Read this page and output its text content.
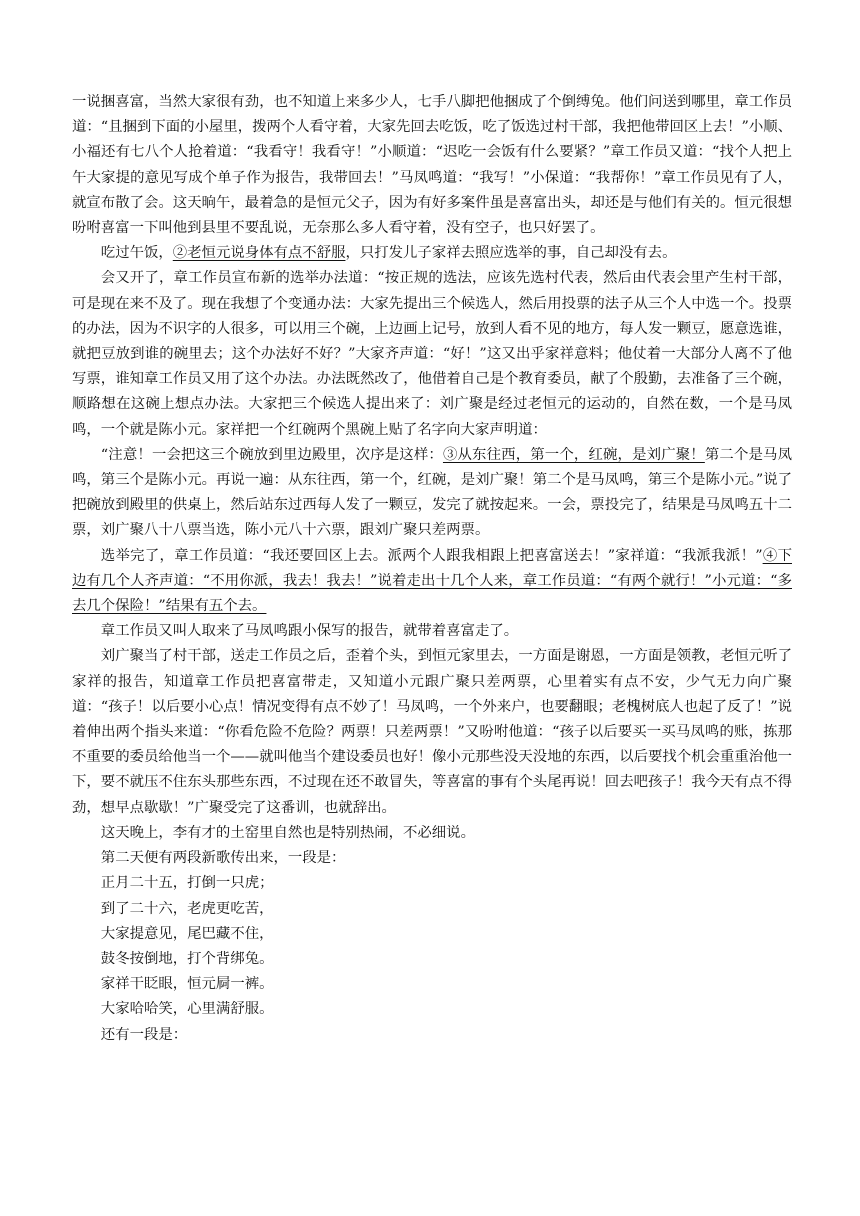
一说捆喜富，当然大家很有劲，也不知道上来多少人，七手八脚把他捆成了个倒缚兔。他们问送到哪里，章工作员道：“且捆到下面的小屋里，拨两个人看守着，大家先回去吃饭，吃了饭选过村干部，我把他带回区上去！”小顺、小福还有七八个人抢着道：“我看守！我看守！”小顺道：“迟吃一会饭有什么要紧？”章工作员又道：“找个人把上午大家提的意见写成个单子作为报告，我带回去！”马凤鸣道：“我写！”小保道：“我帮你！”章工作员见有了人，就宣布散了会。这天晌午，最着急的是恒元父子，因为有好多案件虽是喜富出头，却还是与他们有关的。恒元很想吩咐喜富一下叫他到县里不要乱说，无奈那么多人看守着，没有空子，也只好罢了。

吃过午饭，②老恒元说身体有点不舒服，只打发儿子家祥去照应选举的事，自己却没有去。

会又开了，章工作员宣布新的选举办法道：“按正规的选法，应该先选村代表，然后由代表会里产生村干部，可是现在来不及了。现在我想了个变通办法：大家先提出三个候选人，然后用投票的法子从三个人中选一个。投票的办法，因为不识字的人很多，可以用三个碗，上边画上记号，放到人看不见的地方，每人发一颗豆，愿意选谁，就把豆放到谁的碗里去；这个办法好不好？”大家齐声道：“好！”这又出乎家祥意料；他仗着一大部分人离不了他写票，谁知章工作员又用了这个办法。办法既然改了，他借着自己是个教育委员，献了个殷勤，去准备了三个碗，顺路想在这碗上想点办法。大家把三个候选人提出来了：刘广聚是经过老恒元的运动的，自然在数，一个是马凤鸣，一个就是陈小元。家祥把一个红碗两个黑碗上贴了名字向大家声明道：

“注意！一会把这三个碗放到里边殿里，次序是这样：③从东往西，第一个，红碗，是刘广聚！第二个是马凤鸣，第三个是陈小元。再说一遍：从东往西，第一个，红碗，是刘广聚！第二个是马凤鸣，第三个是陈小元。”说了把碗放到殿里的供桌上，然后站东过西每人发了一颗豆，发完了就按起来。一会，票投完了，结果是马凤鸣五十二票，刘广聚八十八票当选，陈小元八十六票，跟刘广聚只差两票。

选举完了，章工作员道：“我还要回区上去。派两个人跟我相跟上把喜富送去！”家祥道：“我派我派！”④下边有几个人齐声道：“不用你派，我去！我去！”说着走出十几个人来，章工作员道：“有两个就行！”小元道：“多去几个保险！”结果有五个去。

章工作员又叫人取来了马凤鸣跟小保写的报告，就带着喜富走了。

刘广聚当了村干部，送走工作员之后，歪着个头，到恒元家里去，一方面是谢恩，一方面是领教，老恒元听了家祥的报告，知道章工作员把喜富带走，又知道小元跟广聚只差两票，心里着实有点不安，少气无力向广聚道：“孩子！以后要小心点！情况变得有点不妙了！马凤鸣，一个外来户，也要翻眼；老槐树底人也起了反了！”说着伸出两个指头来道：“你看危险不危险？两票！只差两票！”又吩咐他道：“孩子以后要买一买马凤鸣的账，拣那不重要的委员给他当一个——就叫他当个建设委员也好！像小元那些没天没地的东西，以后要找个机会重重治他一下，要不就压不住东头那些东西，不过现在还不敢冒失，等喜富的事有个头尾再说！回去吧孩子！我今天有点不得劲，想早点歇歇！”广聚受完了这番训，也就辞出。

这天晚上，李有才的土窑里自然也是特别热闹，不必细说。

第二天便有两段新歌传出来，一段是：

正月二十五，打倒一只虎；
到了二十六，老虎更吃苦，
大家提意见，尾巴藏不住，
鼓冬按倒地，打个背绑兔。
家祥干眨眼，恒元屙一裤。
大家哈哈笑，心里满舒服。

还有一段是：
